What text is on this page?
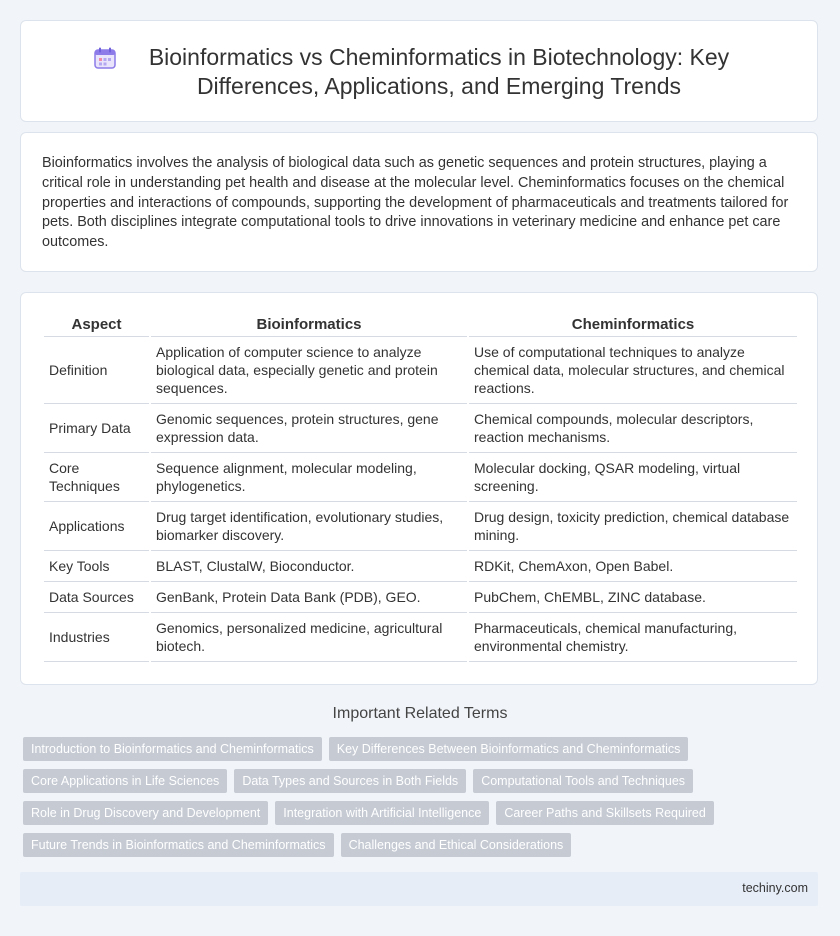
Bioinformatics vs Cheminformatics in Biotechnology: Key Differences, Applications, and Emerging Trends

Bioinformatics involves the analysis of biological data such as genetic sequences and protein structures, playing a critical role in understanding pet health and disease at the molecular level. Cheminformatics focuses on the chemical properties and interactions of compounds, supporting the development of pharmaceuticals and treatments tailored for pets. Both disciplines integrate computational tools to drive innovations in veterinary medicine and enhance pet care outcomes.

Aspect	Bioinformatics	Cheminformatics
Definition	Application of computer science to analyze biological data, especially genetic and protein sequences.	Use of computational techniques to analyze chemical data, molecular structures, and chemical reactions.
Primary Data	Genomic sequences, protein structures, gene expression data.	Chemical compounds, molecular descriptors, reaction mechanisms.
Core Techniques	Sequence alignment, molecular modeling, phylogenetics.	Molecular docking, QSAR modeling, virtual screening.
Applications	Drug target identification, evolutionary studies, biomarker discovery.	Drug design, toxicity prediction, chemical database mining.
Key Tools	BLAST, ClustalW, Bioconductor.	RDKit, ChemAxon, Open Babel.
Data Sources	GenBank, Protein Data Bank (PDB), GEO.	PubChem, ChEMBL, ZINC database.
Industries	Genomics, personalized medicine, agricultural biotech.	Pharmaceuticals, chemical manufacturing, environmental chemistry.
Important Related Terms
Introduction to Bioinformatics and Cheminformatics	Key Differences Between Bioinformatics and Cheminformatics
Core Applications in Life Sciences	Data Types and Sources in Both Fields	Computational Tools and Techniques
Role in Drug Discovery and Development	Integration with Artificial Intelligence	Career Paths and Skillsets Required
Future Trends in Bioinformatics and Cheminformatics	Challenges and Ethical Considerations
techiny.com
